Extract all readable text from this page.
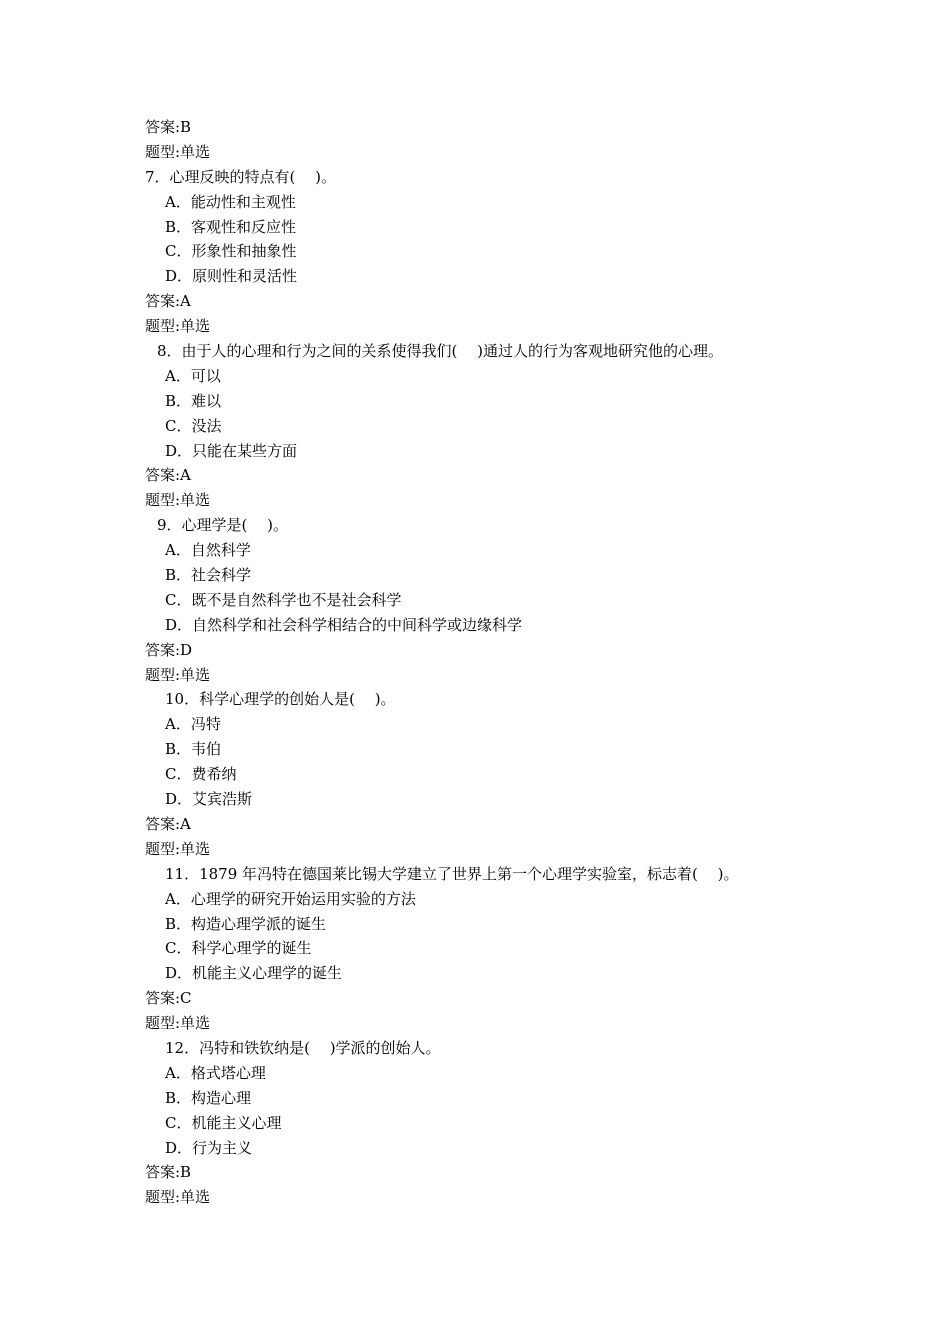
答案:B
题型:单选
7．心理反映的特点有(　 )。
A．能动性和主观性
B．客观性和反应性
C．形象性和抽象性
D．原则性和灵活性
答案:A
题型:单选
8．由于人的心理和行为之间的关系使得我们(　 )通过人的行为客观地研究他的心理。
A．可以
B．难以
C．没法
D．只能在某些方面
答案:A
题型:单选
9．心理学是(　 )。
A．自然科学
B．社会科学
C．既不是自然科学也不是社会科学
D．自然科学和社会科学相结合的中间科学或边缘科学
答案:D
题型:单选
10．科学心理学的创始人是(　 )。
A．冯特
B．韦伯
C．费希纳
D．艾宾浩斯
答案:A
题型:单选
11．1879 年冯特在德国莱比锡大学建立了世界上第一个心理学实验室，标志着(　 )。
A．心理学的研究开始运用实验的方法
B．构造心理学派的诞生
C．科学心理学的诞生
D．机能主义心理学的诞生
答案:C
题型:单选
12．冯特和铁钦纳是(　 )学派的创始人。
A．格式塔心理
B．构造心理
C．机能主义心理
D．行为主义
答案:B
题型:单选
